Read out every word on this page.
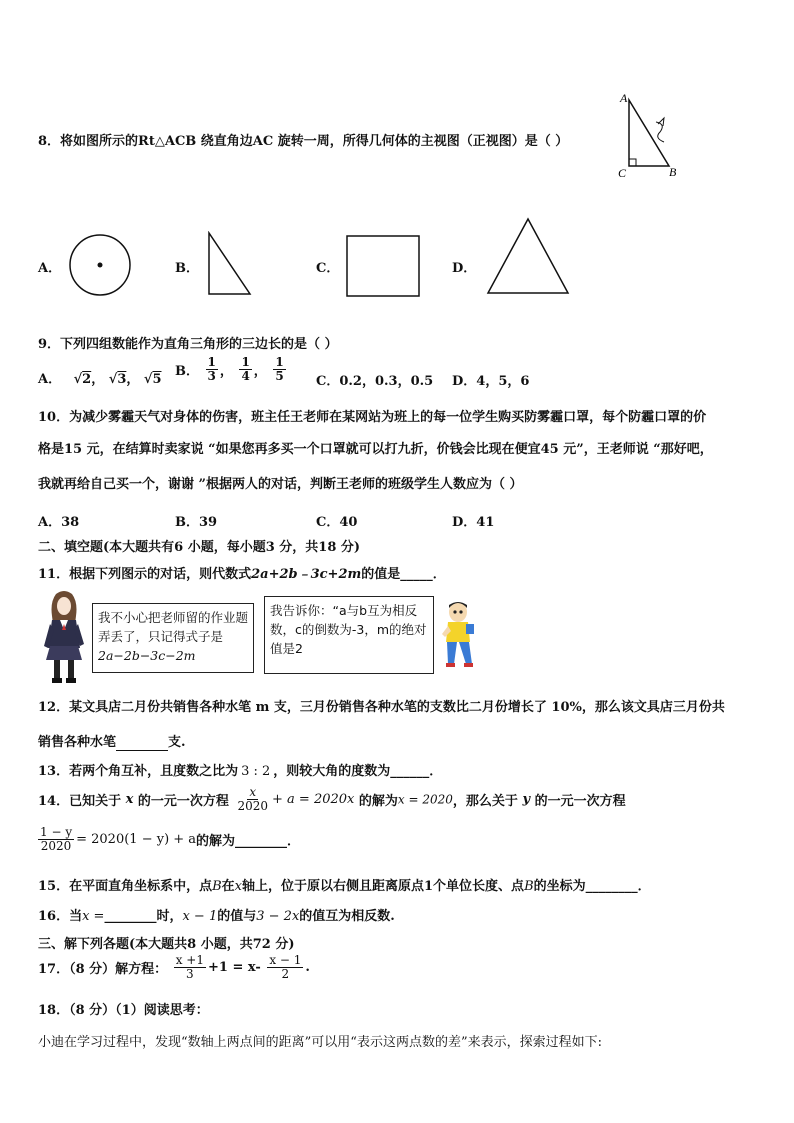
A
C	B
8．将如图所示的Rt△ACB 绕直角边AC 旋转一周，所得几何体的主视图（正视图）是（ ）
A．	B．	C．	D．
9．下列四组数能作为直角三角形的三边长的是（ ）
A． √2， √3， √5
B． $\frac{1}{3}$ ， $\frac{1}{4}$ ， $\frac{1}{5}$ C．0.2，0.3，0.5 D．4，5，6
10．为减少雾霾天气对身体的伤害，班主任王老师在某网站为班上的每一位学生购买防雾霾口罩，每个防霾口罩的价
格是15 元，在结算时卖家说 “如果您再多买一个口罩就可以打九折，价钱会比现在便宜45 元”，王老师说 “那好吧，
我就再给自己买一个，谢谢 ”根据两人的对话，判断王老师的班级学生人数应为（ ）
A．38	B．39	C．40	D．41
二、填空题(本大题共有6 小题，每小题3 分，共18 分)
11．根据下列图示的对话，则代数式2a+2b﹣3c+2m的值是_____．
我不小心把老师留的作业题弄丢了，只记得式子是
2a−2b−3c−2m
我告诉你：“a与b互为相反数，c的倒数为-3，m的绝对值是2
12．某文具店二月份共销售各种水笔 m 支，三月份销售各种水笔的支数比二月份增长了 10%，那么该文具店三月份共
销售各种水笔	支.
13．若两个角互补，且度数之比为 3 : 2 ，则较大角的度数为______．
14．已知关于 x 的一元一次方程 $\frac{x}{2020} + a = 2020x$ 的解为x = 2020，那么关于 y 的一元一次方程
$\frac{1 - y}{2020} = 2020(1 - y) + a$的解为________．
15．在平面直角坐标系中，点B在x轴上，位于原以右侧且距离原点1个单位长度、点B的坐标为________．
16．当x =________时，x − 1的值与3 − 2x的值互为相反数.
三、解下列各题(本大题共8 小题，共72 分)
17．（8 分）解方程： $\frac{x +1}{3} +1 = x- \frac{x - 1}{2}$ .
18．（8 分）（1）阅读思考：
小迪在学习过程中，发现“数轴上两点间的距离”可以用“表示这两点数的差”来表示，探索过程如下:
